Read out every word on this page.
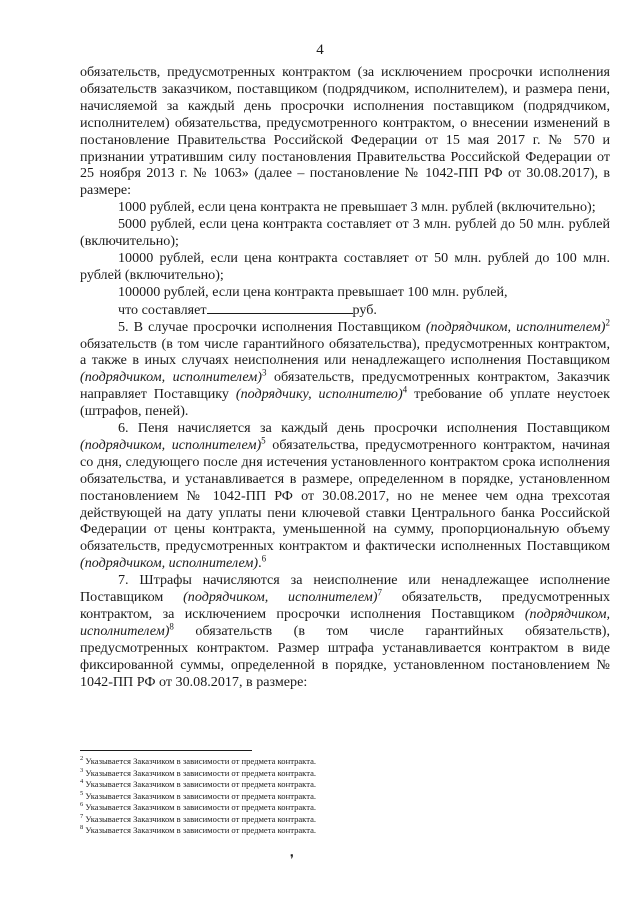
4

обязательств, предусмотренных контрактом (за исключением просрочки исполнения обязательств заказчиком, поставщиком (подрядчиком, исполнителем), и размера пени, начисляемой за каждый день просрочки исполнения поставщиком (подрядчиком, исполнителем) обязательства, предусмотренного контрактом, о внесении изменений в постановление Правительства Российской Федерации от 15 мая 2017 г. № 570 и признании утратившим силу постановления Правительства Российской Федерации от 25 ноября 2013 г. № 1063» (далее – постановление № 1042-ПП РФ от 30.08.2017), в размере:

1000 рублей, если цена контракта не превышает 3 млн. рублей (включительно);

5000 рублей, если цена контракта составляет от 3 млн. рублей до 50 млн. рублей (включительно);

10000 рублей, если цена контракта составляет от 50 млн. рублей до 100 млн. рублей (включительно);

100000 рублей, если цена контракта превышает 100 млн. рублей,

что составляет	руб.

5. В случае просрочки исполнения Поставщиком (подрядчиком, исполнителем)$^2$ обязательств (в том числе гарантийного обязательства), предусмотренных контрактом, а также в иных случаях неисполнения или ненадлежащего исполнения Поставщиком (подрядчиком, исполнителем)$^3$ обязательств, предусмотренных контрактом, Заказчик направляет Поставщику (подрядчику, исполнителю)$^4$ требование об уплате неустоек (штрафов, пеней).

6. Пеня начисляется за каждый день просрочки исполнения Поставщиком (подрядчиком, исполнителем)$^5$ обязательства, предусмотренного контрактом, начиная со дня, следующего после дня истечения установленного контрактом срока исполнения обязательства, и устанавливается в размере, определенном в порядке, установленном постановлением № 1042-ПП РФ от 30.08.2017, но не менее чем одна трехсотая действующей на дату уплаты пени ключевой ставки Центрального банка Российской Федерации от цены контракта, уменьшенной на сумму, пропорциональную объему обязательств, предусмотренных контрактом и фактически исполненных Поставщиком (подрядчиком, исполнителем).$^6$

7. Штрафы начисляются за неисполнение или ненадлежащее исполнение Поставщиком (подрядчиком, исполнителем)$^7$ обязательств, предусмотренных контрактом, за исключением просрочки исполнения Поставщиком (подрядчиком, исполнителем)$^8$ обязательств (в том числе гарантийных обязательств), предусмотренных контрактом. Размер штрафа устанавливается контрактом в виде фиксированной суммы, определенной в порядке, установленном постановлением № 1042-ПП РФ от 30.08.2017, в размере:

$^2$ Указывается Заказчиком в зависимости от предмета контракта.
$^3$ Указывается Заказчиком в зависимости от предмета контракта.
$^4$ Указывается Заказчиком в зависимости от предмета контракта.
$^5$ Указывается Заказчиком в зависимости от предмета контракта.
$^6$ Указывается Заказчиком в зависимости от предмета контракта.
$^7$ Указывается Заказчиком в зависимости от предмета контракта.
$^8$ Указывается Заказчиком в зависимости от предмета контракта.
❜
